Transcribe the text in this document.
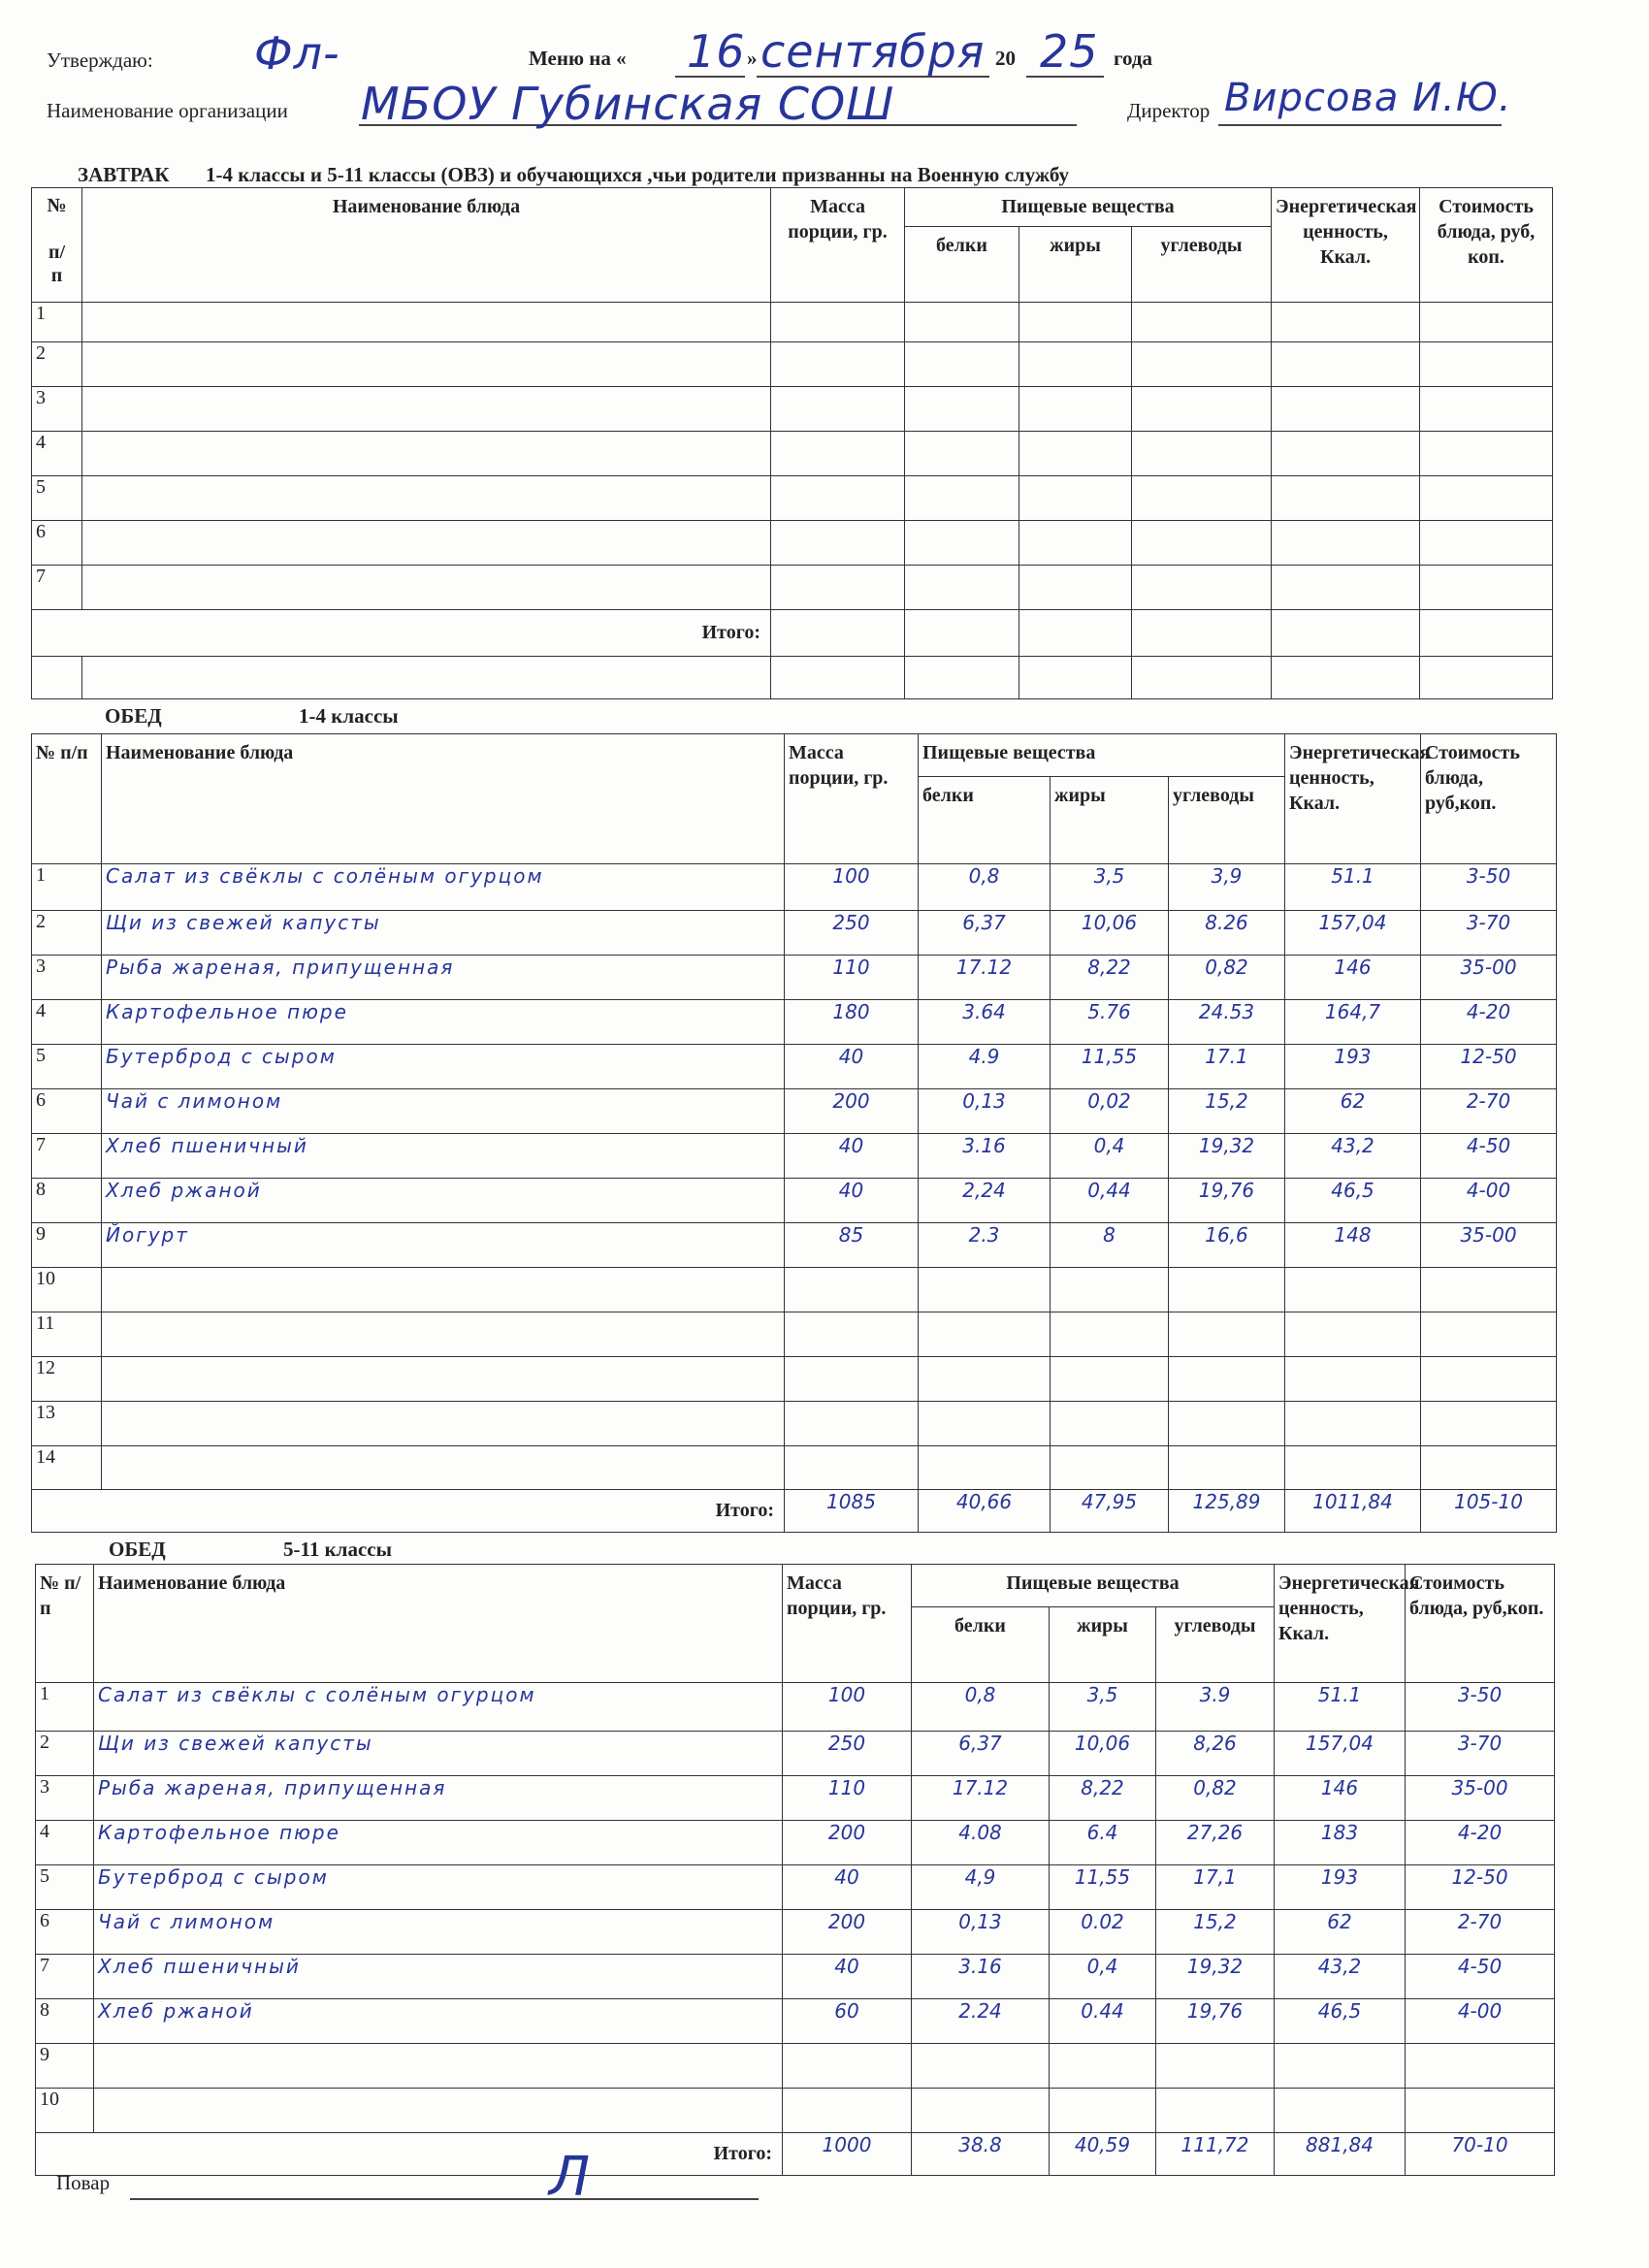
Утверждаю: Фл-	Меню на « 16 » сентября 20 25 года
Наименование организации МБОУ Губинская СОШ	Директор Вирсова И.Ю.
ЗАВТРАК 1-4 классы и 5-11 классы (ОВЗ) и обучающихся ,чьи родители призванны на Военную службу
№

п/
п	Наименование блюда	Масса порции, гр.	Пищевые вещества			Энергетическая ценность, Ккал.	Стоимость блюда, руб, коп.
			белки	жиры	углеводы		
1							
2							
3							
4							
5							
6							
7							
Итого:							

ОБЕД	1-4 классы
№ п/п	Наименование блюда	Масса порции, гр.	Пищевые вещества			Энергетическая ценность, Ккал.	Стоимость блюда, руб,коп.
			белки	жиры	углеводы		
1	Салат из свёклы с солёным огурцом	100	0,8	3,5	3,9	51.1	3-50
2	Щи из свежей капусты	250	6,37	10,06	8.26	157,04	3-70
3	Рыба жареная, припущенная	110	17.12	8,22	0,82	146	35-00
4	Картофельное пюре	180	3.64	5.76	24.53	164,7	4-20
5	Бутерброд с сыром	40	4.9	11,55	17.1	193	12-50
6	Чай с лимоном	200	0,13	0,02	15,2	62	2-70
7	Хлеб пшеничный	40	3.16	0,4	19,32	43,2	4-50
8	Хлеб ржаной	40	2,24	0,44	19,76	46,5	4-00
9	Йогурт	85	2.3	8	16,6	148	35-00
10							
11							
12							
13							
14							
Итого:		1085	40,66	47,95	125,89	1011,84	105-10
ОБЕД	5-11 классы
№ п/п	Наименование блюда	Масса порции, гр.	Пищевые вещества			Энергетическая ценность, Ккал.	Стоимость блюда, руб,коп.
			белки	жиры	углеводы		
1	Салат из свёклы с солёным огурцом	100	0,8	3,5	3.9	51.1	3-50
2	Щи из свежей капусты	250	6,37	10,06	8,26	157,04	3-70
3	Рыба жареная, припущенная	110	17.12	8,22	0,82	146	35-00
4	Картофельное пюре	200	4.08	6.4	27,26	183	4-20
5	Бутерброд с сыром	40	4,9	11,55	17,1	193	12-50
6	Чай с лимоном	200	0,13	0.02	15,2	62	2-70
7	Хлеб пшеничный	40	3.16	0,4	19,32	43,2	4-50
8	Хлеб ржаной	60	2.24	0.44	19,76	46,5	4-00
9							
10							
Итого:		1000	38.8	40,59	111,72	881,84	70-10
Повар	Л
